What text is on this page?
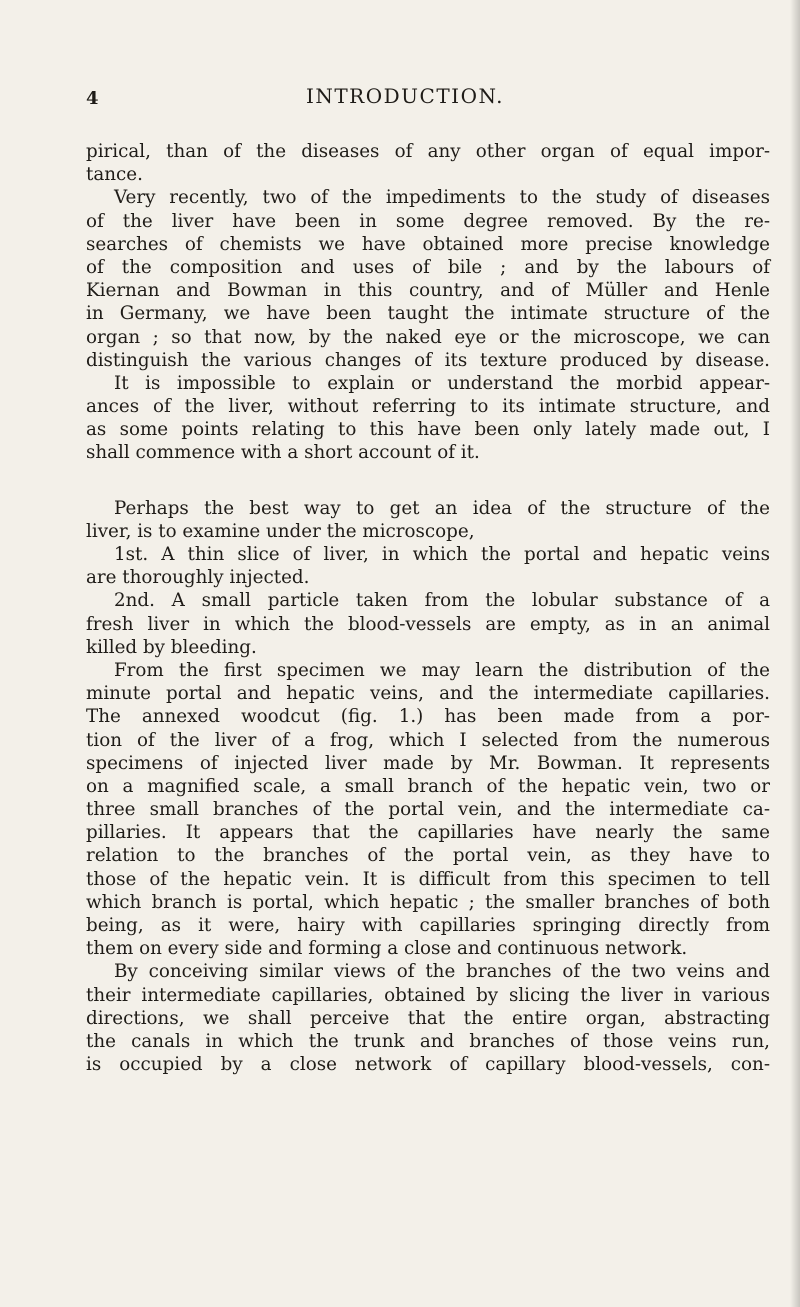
4	INTRODUCTION.
pirical, than of the diseases of any other organ of equal impor-
tance.
Very recently, two of the impediments to the study of diseases
of the liver have been in some degree removed. By the re-
searches of chemists we have obtained more precise knowledge
of the composition and uses of bile ; and by the labours of
Kiernan and Bowman in this country, and of Müller and Henle
in Germany, we have been taught the intimate structure of the
organ ; so that now, by the naked eye or the microscope, we can
distinguish the various changes of its texture produced by disease.
It is impossible to explain or understand the morbid appear-
ances of the liver, without referring to its intimate structure, and
as some points relating to this have been only lately made out, I
shall commence with a short account of it.
Perhaps the best way to get an idea of the structure of the
liver, is to examine under the microscope,
1st. A thin slice of liver, in which the portal and hepatic veins
are thoroughly injected.
2nd. A small particle taken from the lobular substance of a
fresh liver in which the blood-vessels are empty, as in an animal
killed by bleeding.
From the first specimen we may learn the distribution of the
minute portal and hepatic veins, and the intermediate capillaries.
The annexed woodcut (fig. 1.) has been made from a por-
tion of the liver of a frog, which I selected from the numerous
specimens of injected liver made by Mr. Bowman. It represents
on a magnified scale, a small branch of the hepatic vein, two or
three small branches of the portal vein, and the intermediate ca-
pillaries. It appears that the capillaries have nearly the same
relation to the branches of the portal vein, as they have to
those of the hepatic vein. It is difficult from this specimen to tell
which branch is portal, which hepatic ; the smaller branches of both
being, as it were, hairy with capillaries springing directly from
them on every side and forming a close and continuous network.
By conceiving similar views of the branches of the two veins and
their intermediate capillaries, obtained by slicing the liver in various
directions, we shall perceive that the entire organ, abstracting
the canals in which the trunk and branches of those veins run,
is occupied by a close network of capillary blood-vessels, con-
